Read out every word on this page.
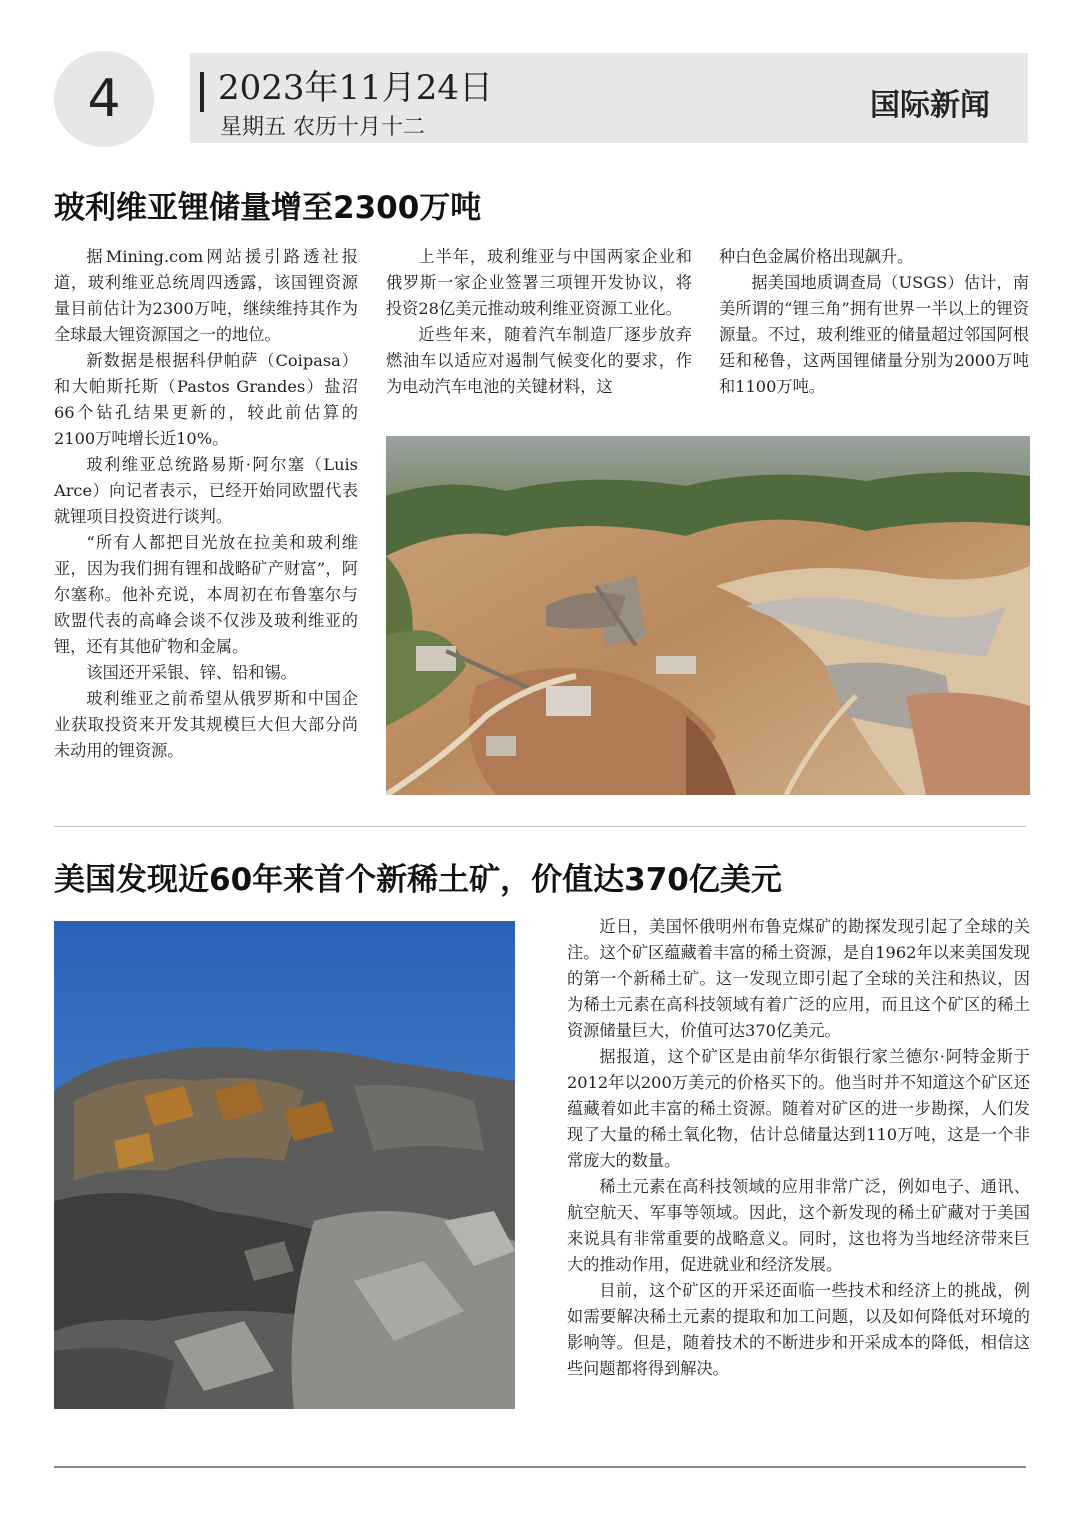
4	2023年11月24日
星期五 农历十月十二
国际新闻
玻利维亚锂储量增至2300万吨

据Mining.com网站援引路透社报道，玻利维亚总统周四透露，该国锂资源量目前估计为2300万吨，继续维持其作为全球最大锂资源国之一的地位。

新数据是根据科伊帕萨（Coipasa）和大帕斯托斯（Pastos Grandes）盐沼66个钻孔结果更新的，较此前估算的2100万吨增长近10%。

玻利维亚总统路易斯·阿尔塞（Luis Arce）向记者表示，已经开始同欧盟代表就锂项目投资进行谈判。

“所有人都把目光放在拉美和玻利维亚，因为我们拥有锂和战略矿产财富”，阿尔塞称。他补充说，本周初在布鲁塞尔与欧盟代表的高峰会谈不仅涉及玻利维亚的锂，还有其他矿物和金属。

该国还开采银、锌、铅和锡。

玻利维亚之前希望从俄罗斯和中国企业获取投资来开发其规模巨大但大部分尚未动用的锂资源。

上半年，玻利维亚与中国两家企业和俄罗斯一家企业签署三项锂开发协议，将投资28亿美元推动玻利维亚资源工业化。

近些年来，随着汽车制造厂逐步放弃燃油车以适应对遏制气候变化的要求，作为电动汽车电池的关键材料，这

种白色金属价格出现飙升。

据美国地质调查局（USGS）估计，南美所谓的“锂三角”拥有世界一半以上的锂资源量。不过，玻利维亚的储量超过邻国阿根廷和秘鲁，这两国锂储量分别为2000万吨和1100万吨。

美国发现近60年来首个新稀土矿，价值达370亿美元

近日，美国怀俄明州布鲁克煤矿的勘探发现引起了全球的关注。这个矿区蕴藏着丰富的稀土资源，是自1962年以来美国发现的第一个新稀土矿。这一发现立即引起了全球的关注和热议，因为稀土元素在高科技领域有着广泛的应用，而且这个矿区的稀土资源储量巨大，价值可达370亿美元。

据报道，这个矿区是由前华尔街银行家兰德尔·阿特金斯于2012年以200万美元的价格买下的。他当时并不知道这个矿区还蕴藏着如此丰富的稀土资源。随着对矿区的进一步勘探，人们发现了大量的稀土氧化物，估计总储量达到110万吨，这是一个非常庞大的数量。

稀土元素在高科技领域的应用非常广泛，例如电子、通讯、航空航天、军事等领域。因此，这个新发现的稀土矿藏对于美国来说具有非常重要的战略意义。同时，这也将为当地经济带来巨大的推动作用，促进就业和经济发展。

目前，这个矿区的开采还面临一些技术和经济上的挑战，例如需要解决稀土元素的提取和加工问题，以及如何降低对环境的影响等。但是，随着技术的不断进步和开采成本的降低，相信这些问题都将得到解决。
